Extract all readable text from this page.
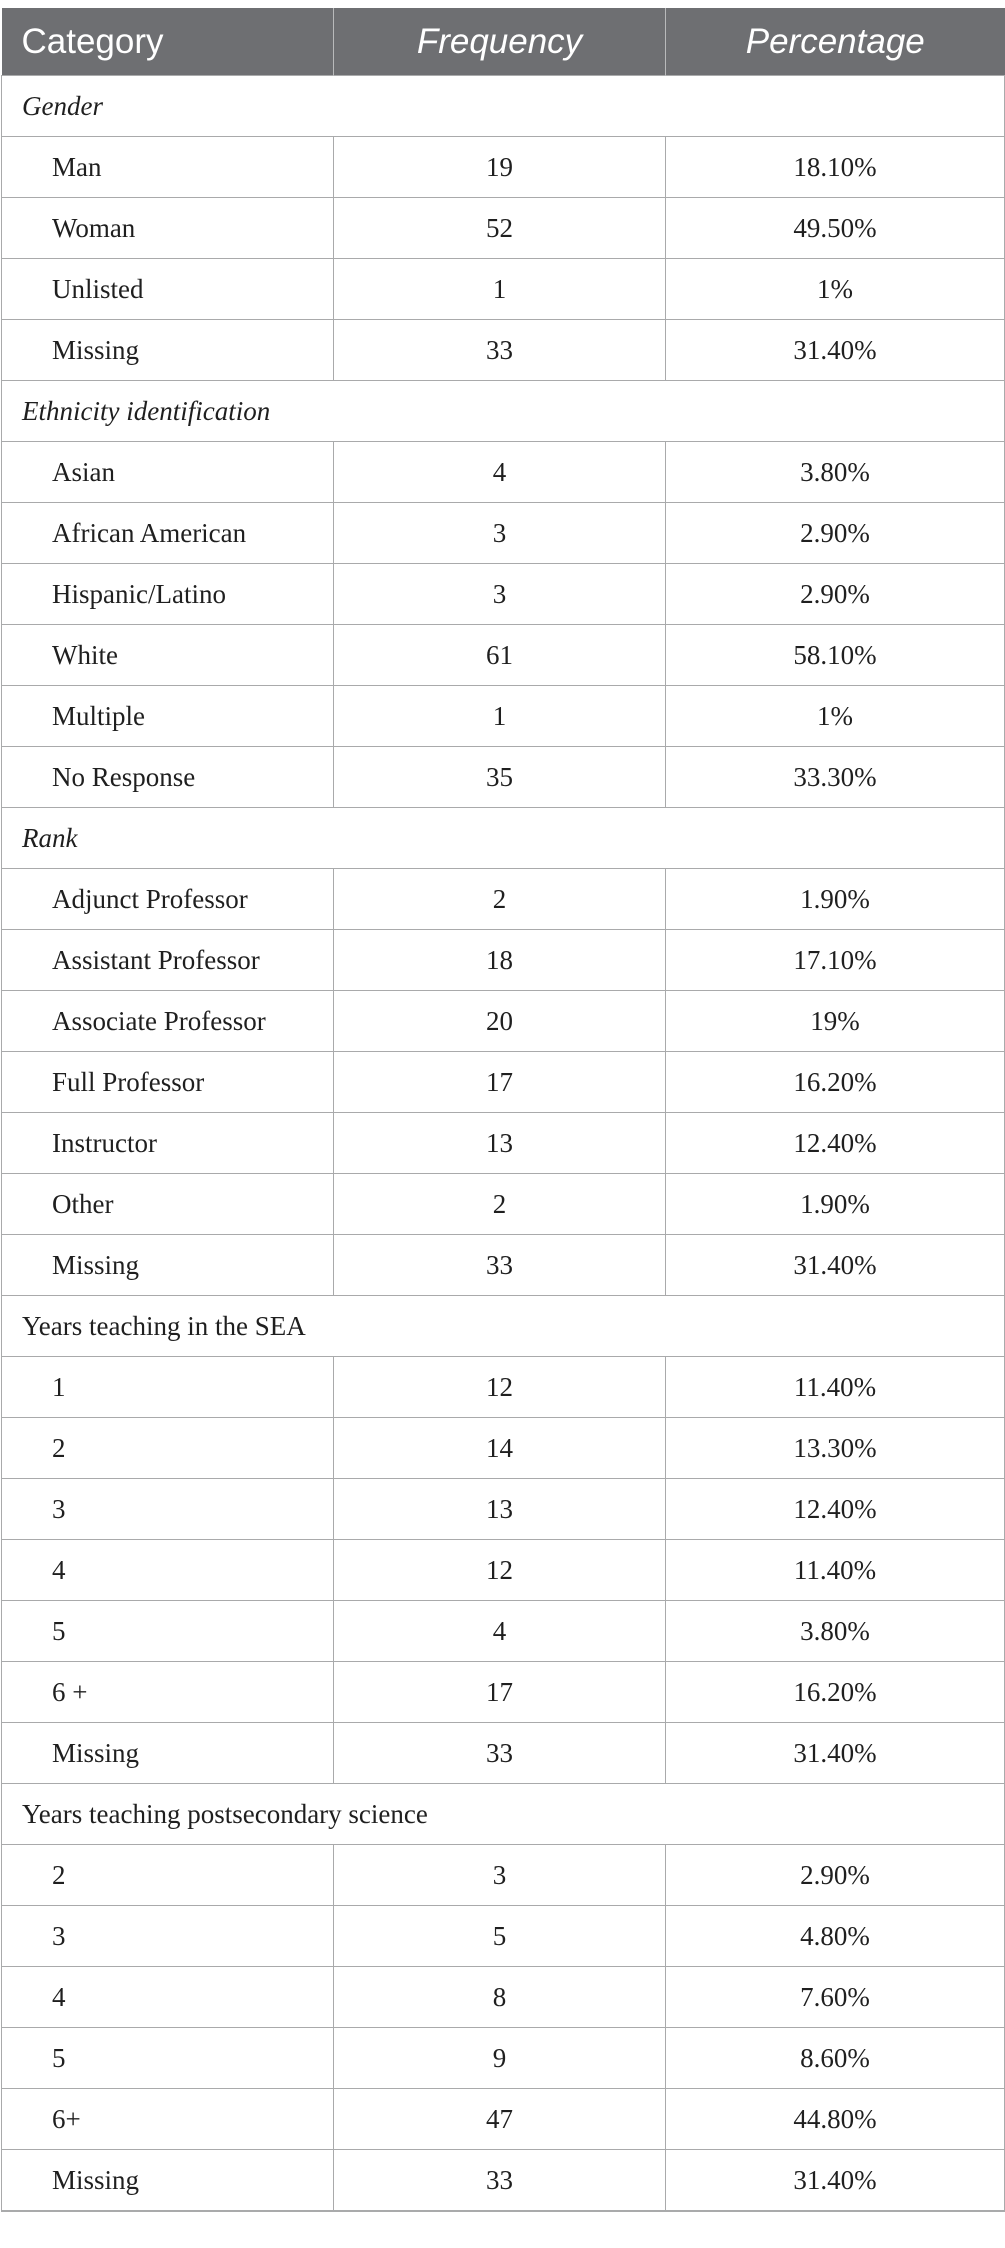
Category	Frequency	Percentage
Gender		
Man	19	18.10%
Woman	52	49.50%
Unlisted	1	1%
Missing	33	31.40%
Ethnicity identification		
Asian	4	3.80%
African American	3	2.90%
Hispanic/Latino	3	2.90%
White	61	58.10%
Multiple	1	1%
No Response	35	33.30%
Rank		
Adjunct Professor	2	1.90%
Assistant Professor	18	17.10%
Associate Professor	20	19%
Full Professor	17	16.20%
Instructor	13	12.40%
Other	2	1.90%
Missing	33	31.40%
Years teaching in the SEA		
1	12	11.40%
2	14	13.30%
3	13	12.40%
4	12	11.40%
5	4	3.80%
6 +	17	16.20%
Missing	33	31.40%
Years teaching postsecondary science		
2	3	2.90%
3	5	4.80%
4	8	7.60%
5	9	8.60%
6+	47	44.80%
Missing	33	31.40%
